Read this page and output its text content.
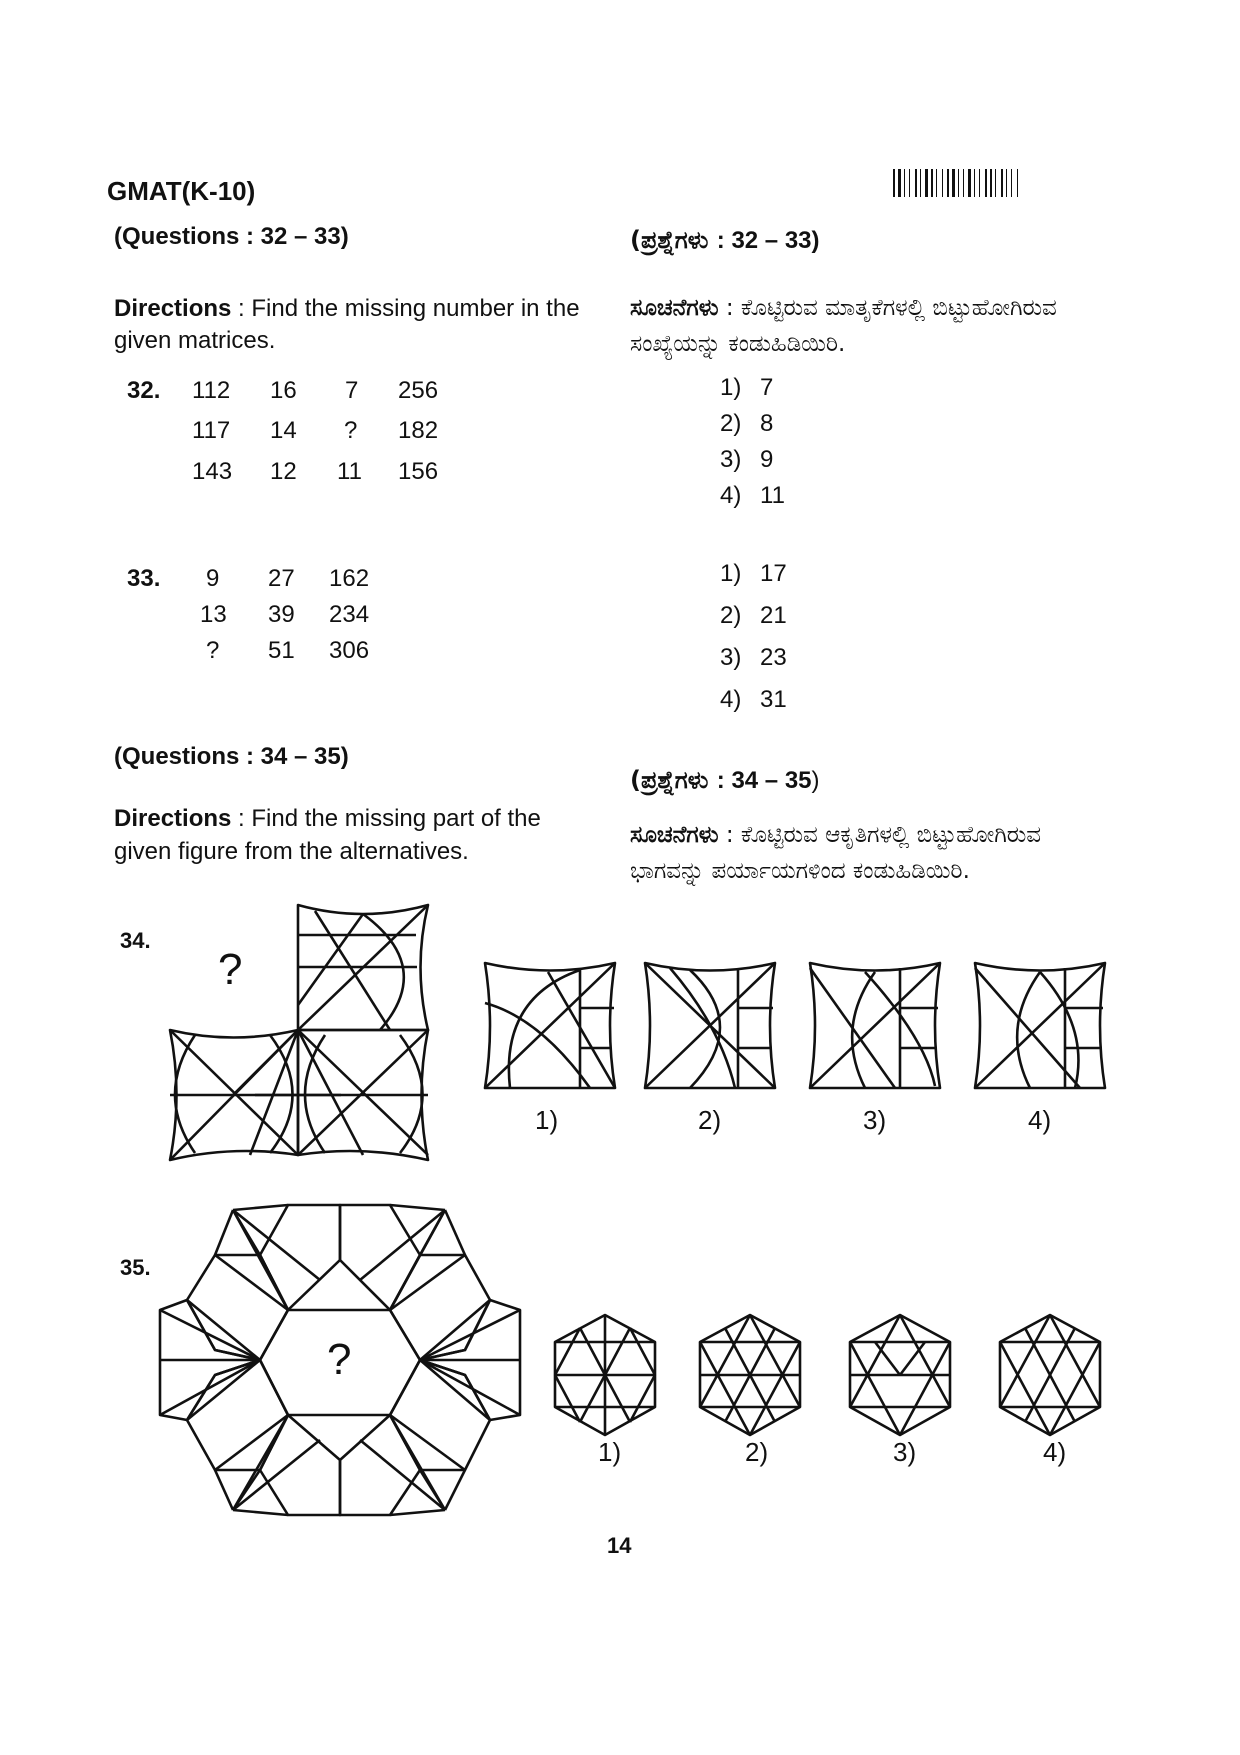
GMAT(K-10)
(Questions : 32 – 33)	(ಪ್ರಶ್ನೆಗಳು : 32 – 33)
Directions : Find the missing number in the
given matrices.
ಸೂಚನೆಗಳು : ಕೊಟ್ಟಿರುವ ಮಾತೃಕೆಗಳಲ್ಲಿ ಬಿಟ್ಟುಹೋಗಿರುವ
ಸಂಖ್ಯೆಯನ್ನು ಕಂಡುಹಿಡಿಯಿರಿ.
32. 112 16 7 256
117 14 ? 182
143 12 11 156
1) 7
2) 8
3) 9
4) 11
33. 9 27 162
13 39 234
? 51 306
1) 17
2) 21
3) 23
4) 31
(Questions : 34 – 35)
(ಪ್ರಶ್ನೆಗಳು : 34 – 35)
Directions : Find the missing part of the
given figure from the alternatives.
ಸೂಚನೆಗಳು : ಕೊಟ್ಟಿರುವ ಆಕೃತಿಗಳಲ್ಲಿ ಬಿಟ್ಟುಹೋಗಿರುವ
ಭಾಗವನ್ನು ಪರ್ಯಾಯಗಳಿಂದ ಕಂಡುಹಿಡಿಯಿರಿ.
34.
?
1)	2)	3)	4)
35.
?
1)	2)	3)	4)
14
